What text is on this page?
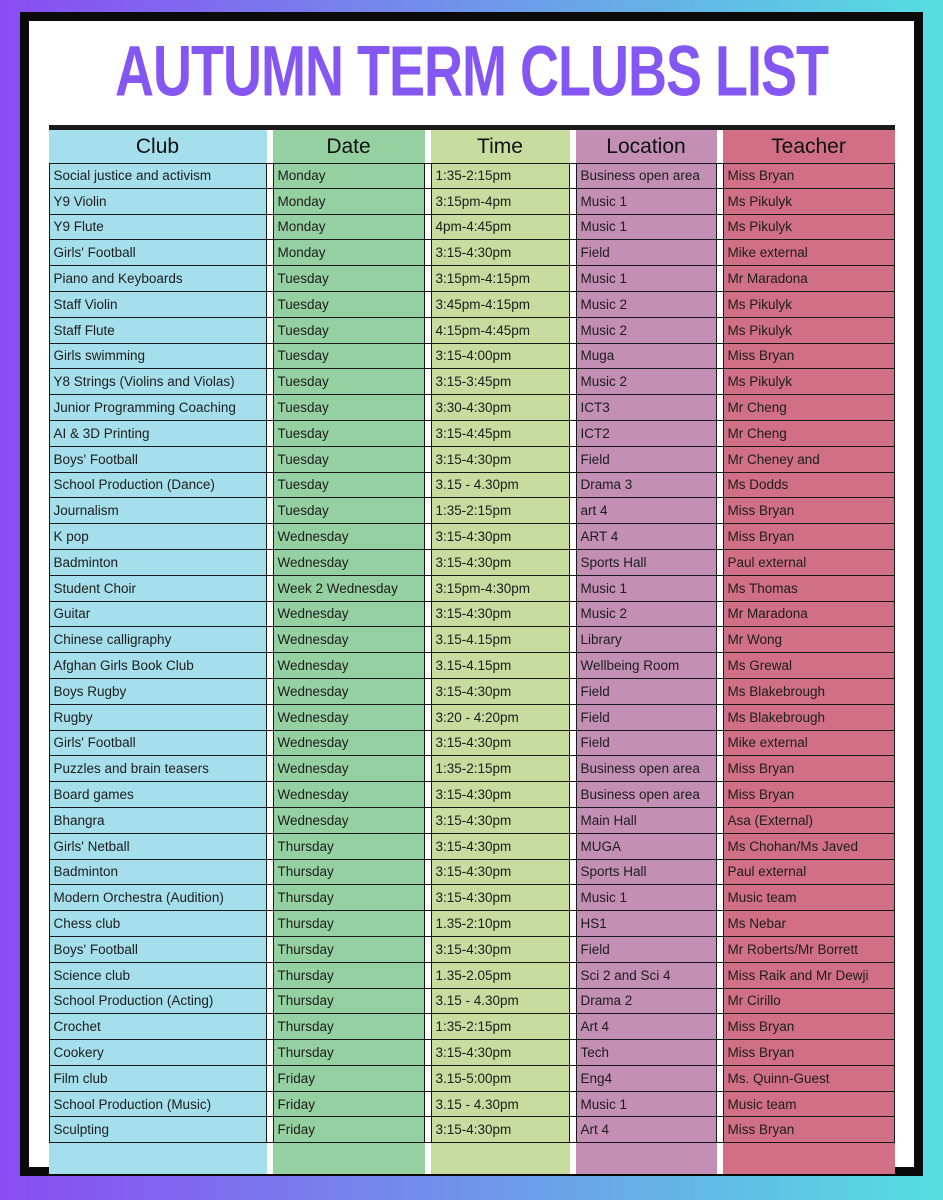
AUTUMN TERM CLUBS LIST
Club	Date	Time	Location	Teacher
Social justice and activism	Monday	1:35-2:15pm	Business open area	Miss Bryan
Y9 Violin	Monday	3:15pm-4pm	Music 1	Ms Pikulyk
Y9 Flute	Monday	4pm-4:45pm	Music 1	Ms Pikulyk
Girls' Football	Monday	3:15-4:30pm	Field	Mike external
Piano and Keyboards	Tuesday	3:15pm-4:15pm	Music 1	Mr Maradona
Staff Violin	Tuesday	3:45pm-4:15pm	Music 2	Ms Pikulyk
Staff Flute	Tuesday	4:15pm-4:45pm	Music 2	Ms Pikulyk
Girls swimming	Tuesday	3:15-4:00pm	Muga	Miss Bryan
Y8 Strings (Violins and Violas)	Tuesday	3:15-3:45pm	Music 2	Ms Pikulyk
Junior Programming Coaching	Tuesday	3:30-4:30pm	ICT3	Mr Cheng
AI & 3D Printing	Tuesday	3:15-4:45pm	ICT2	Mr Cheng
Boys' Football	Tuesday	3:15-4:30pm	Field	Mr Cheney and
School Production (Dance)	Tuesday	3.15 - 4.30pm	Drama 3	Ms Dodds
Journalism	Tuesday	1:35-2:15pm	art 4	Miss Bryan
K pop	Wednesday	3:15-4:30pm	ART 4	Miss Bryan
Badminton	Wednesday	3:15-4:30pm	Sports Hall	Paul external
Student Choir	Week 2 Wednesday	3:15pm-4:30pm	Music 1	Ms Thomas
Guitar	Wednesday	3:15-4:30pm	Music 2	Mr Maradona
Chinese calligraphy	Wednesday	3.15-4.15pm	Library	Mr Wong
Afghan Girls Book Club	Wednesday	3.15-4.15pm	Wellbeing Room	Ms Grewal
Boys Rugby	Wednesday	3:15-4:30pm	Field	Ms Blakebrough
Rugby	Wednesday	3:20 - 4:20pm	Field	Ms Blakebrough
Girls' Football	Wednesday	3:15-4:30pm	Field	Mike external
Puzzles and brain teasers	Wednesday	1:35-2:15pm	Business open area	Miss Bryan
Board games	Wednesday	3:15-4:30pm	Business open area	Miss Bryan
Bhangra	Wednesday	3:15-4:30pm	Main Hall	Asa (External)
Girls' Netball	Thursday	3:15-4:30pm	MUGA	Ms Chohan/Ms Javed
Badminton	Thursday	3:15-4:30pm	Sports Hall	Paul external
Modern Orchestra (Audition)	Thursday	3:15-4:30pm	Music 1	Music team
Chess club	Thursday	1.35-2:10pm	HS1	Ms Nebar
Boys' Football	Thursday	3:15-4:30pm	Field	Mr Roberts/Mr Borrett
Science club	Thursday	1.35-2.05pm	Sci 2 and Sci 4	Miss Raik and Mr Dewji
School Production (Acting)	Thursday	3.15 - 4.30pm	Drama 2	Mr Cirillo
Crochet	Thursday	1:35-2:15pm	Art 4	Miss Bryan
Cookery	Thursday	3:15-4:30pm	Tech	Miss Bryan
Film club	Friday	3.15-5:00pm	Eng4	Ms. Quinn-Guest
School Production (Music)	Friday	3.15 - 4.30pm	Music 1	Music team
Sculpting	Friday	3:15-4:30pm	Art 4	Miss Bryan
